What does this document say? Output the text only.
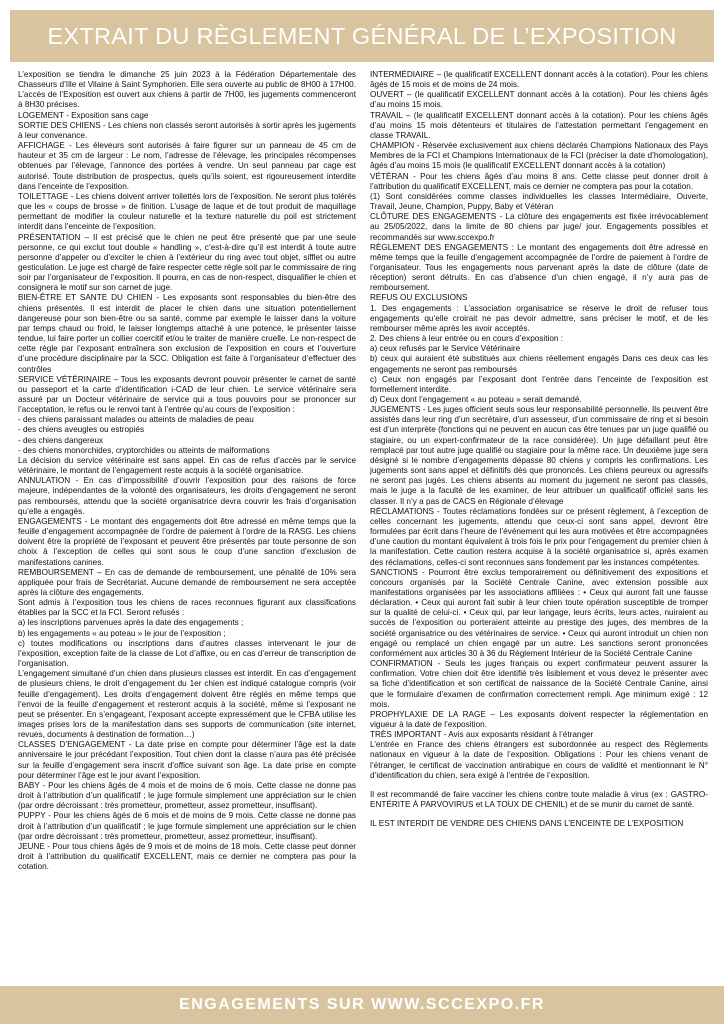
EXTRAIT DU RÈGLEMENT GÉNÉRAL DE L’EXPOSITION

L’exposition se tiendra le dimanche 25 juin 2023 à la Fédération Départementale des Chasseurs d’Ille et Vilaine à Saint Symphorien. Elle sera ouverte au public de 8H00 à 17H00. L’accès de l’Exposition est ouvert aux chiens à partir de 7H00, les jugements commenceront à 8H30 précises.

LOGEMENT - Exposition sans cage

SORTIE DES CHIENS - Les chiens non classés seront autorisés à sortir après les jugements à leur convenance.

AFFICHAGE - Les éleveurs sont autorisés à faire figurer sur un panneau de 45 cm de hauteur et 35 cm de largeur : Le nom, l’adresse de l’élevage, les principales récompenses obtenues par l’élevage, l’annonce des portées à vendre. Un seul panneau par cage est autorisé. Toute distribution de prospectus, quels qu’ils soient, est rigoureusement interdite dans l’enceinte de l’exposition.

TOILETTAGE - Les chiens doivent arriver toilettés lors de l’exposition. Ne seront plus tolérés que les « coups de brosse » de finition. L’usage de laque et de tout produit de maquillage permettant de modifier la couleur naturelle et la texture naturelle du poil est strictement interdit dans l’enceinte de l’exposition.

PRÉSENTATION – Il est précisé que le chien ne peut être présenté que par une seule personne, ce qui exclut tout double « handling », c’est-à-dire qu’il est interdit à toute autre personne d’appeler ou d’exciter le chien à l’extérieur du ring avec tout objet, sifflet ou autre gesticulation. Le juge est chargé de faire respecter cette règle soit par le commissaire de ring soir par l’organisateur de l’exposition. Il pourra, en cas de non-respect, disqualifier le chien et consignera le motif sur son carnet de juge.

BIEN-ÊTRE ET SANTE DU CHIEN - Les exposants sont responsables du bien-être des chiens présentés. Il est interdit de placer le chien dans une situation potentiellement dangereuse pour son bien-être ou sa santé, comme par exemple le laisser dans la voiture par temps chaud ou froid, le laisser longtemps attaché à une potence, le présenter laisse tendue, lui faire porter un collier coercitif et/ou le traiter de manière cruelle. Le non-respect de cette règle par l’exposant entraînera son exclusion de l’exposition en cours et l’ouverture d’une procédure disciplinaire par la SCC. Obligation est faite à l’organisateur d’effectuer des contrôles

SERVICE VÉTÉRINAIRE – Tous les exposants devront pouvoir présenter le carnet de santé ou passeport et la carte d’identification i-CAD de leur chien. Le service vétérinaire sera assuré par un Docteur vétérinaire de service qui a tous pouvoirs pour se prononcer sur l’acceptation, le refus ou le renvoi tant à l’entrée qu’au cours de l’exposition :

- des chiens paraissant malades ou atteints de maladies de peau

- des chiens aveugles ou estropiés

- des chiens dangereux

- des chiens monorchides, cryptorchides ou atteints de malformations

La décision du service vétérinaire est sans appel. En cas de refus d’accès par le service vétérinaire, le montant de l’engagement reste acquis à la société organisatrice.

ANNULATION - En cas d’impossibilité d’ouvrir l’exposition pour des raisons de force majeure, indépendantes de la volonté des organisateurs, les droits d’engagement ne seront pas remboursés, attendu que la société organisatrice devra couvrir les frais d’organisation qu’elle a engagés.

ENGAGEMENTS - Le montant des engagements doit être adressé en même temps que la feuille d’engagement accompagnée de l’ordre de paiement à l’ordre de la RASG. Les chiens doivent être la propriété de l’exposant et peuvent être présentés par toute personne de son choix à l’exception de celles qui sont sous le coup d’une sanction d’exclusion de manifestations canines.

REMBOURSEMENT – En cas de demande de remboursement, une pénalité de 10% sera appliquée pour frais de Secrétariat. Aucune demande de remboursement ne sera acceptée après la clôture des engagements.

Sont admis à l’exposition tous les chiens de races reconnues figurant aux classifications établies par la SCC et la FCI. Seront refusés :

a) les inscriptions parvenues après la date des engagements ;

b) les engagements « au poteau » le jour de l’exposition ;

c) toutes modifications ou inscriptions dans d’autres classes intervenant le jour de l’exposition, exception faite de la classe de Lot d’affixe, ou en cas d’erreur de transcription de l’organisation.

L’engagement simultané d’un chien dans plusieurs classes est interdit. En cas d’engagement de plusieurs chiens, le droit d’engagement du 1er chien est indiqué catalogue compris (voir feuille d’engagement). Les droits d’engagement doivent être réglés en même temps que l’envoi de la feuille d’engagement et resteront acquis à la société, même si l’exposant ne peut se présenter. En s’engageant, l’exposant accepte expressément que le CFBA utilise les images prises lors de la manifestation dans ses supports de communication (site internet, revues, documents à destination de formation…)

CLASSES D’ENGAGEMENT - La date prise en compte pour déterminer l’âge est la date anniversaire le jour précédant l’exposition. Tout chien dont la classe n’aura pas été précisée sur la feuille d’engagement sera inscrit d’office suivant son âge. La date prise en compte pour déterminer l’âge est le jour avant l’exposition.

BABY - Pour les chiens âgés de 4 mois et de moins de 6 mois. Cette classe ne donne pas droit à l’attribution d’un qualificatif ; le juge formule simplement une appréciation sur le chien (par ordre décroissant : très prometteur, prometteur, assez prometteur, insuffisant).

PUPPY - Pour les chiens âgés de 6 mois et de moins de 9 mois. Cette classe ne donne pas droit à l’attribution d’un qualificatif ; le juge formule simplement une appréciation sur le chien (par ordre décroissant : très prometteur, prometteur, assez prometteur, insuffisant).

JEUNE - Pour tous chiens âgés de 9 mois et de moins de 18 mois. Cette classe peut donner droit à l’attribution du qualificatif EXCELLENT, mais ce dernier ne comptera pas pour la cotation.

INTERMÉDIAIRE – (le qualificatif EXCELLENT donnant accès à la cotation). Pour les chiens âgés de 15 mois et de moins de 24 mois.

OUVERT – (le qualificatif EXCELLENT donnant accès à la cotation). Pour les chiens âgés d’au moins 15 mois.

TRAVAIL – (le qualificatif EXCELLENT donnant accès à la cotation). Pour les chiens âgés d’au moins 15 mois détenteurs et titulaires de l’attestation permettant l’engagement en classe TRAVAIL.

CHAMPION - Réservée exclusivement aux chiens déclarés Champions Nationaux des Pays Membres de la FCI et Champions Internationaux de la FCI (préciser la date d’homologation), âgés d’au moins 15 mois (le qualificatif EXCELLENT donnant accès à la cotation)

VÉTÉRAN - Pour les chiens âgés d’au moins 8 ans. Cette classe peut donner droit à l’attribution du qualificatif EXCELLENT, mais ce dernier ne comptera pas pour la cotation.

(1) Sont considérées comme classes individuelles les classes Intermédiaire, Ouverte, Travail, Jeune, Champion, Puppy, Baby et Vétéran

CLÔTURE DES ENGAGEMENTS - La clôture des engagements est fixée irrévocablement au 25/05/2022, dans la limite de 80 chiens par juge/ jour. Engagements possibles et recommandés sur www.sccexpo.fr

RÈGLEMENT DES ENGAGEMENTS : Le montant des engagements doit être adressé en même temps que la feuille d’engagement accompagnée de l’ordre de paiement à l’ordre de l’organisateur. Tous les engagements nous parvenant après la date de clôture (date de réception) seront détruits. En cas d’absence d’un chien engagé, il n’y aura pas de remboursement.

REFUS OU EXCLUSIONS

1. Des engagements : L’association organisatrice se réserve le droit de refuser tous engagements qu’elle croirait ne pas devoir admettre, sans préciser le motif, et de les rembourser même après les avoir acceptés.

2. Des chiens à leur entrée ou en cours d’exposition :

a) ceux refusés par le Service Vétérinaire

b) ceux qui auraient été substitués aux chiens réellement engagés Dans ces deux cas les engagements ne seront pas remboursés

c) Ceux non engagés par l’exposant dont l’entrée dans l’enceinte de l’exposition est formellement interdite.

d) Ceux dont l’engagement « au poteau » serait demandé.

JUGEMENTS - Les juges officient seuls sous leur responsabilité personnelle. Ils peuvent être assistés dans leur ring d’un secrétaire, d’un assesseur, d’un commissaire de ring et si besoin est d’un interprète (fonctions qui ne peuvent en aucun cas être tenues par un juge qualifié ou stagiaire, ou un expert-confirmateur de la race considérée). Un juge défaillant peut être remplacé par tout autre juge qualifié ou stagiaire pour la même race. Un deuxième juge sera désigné si le nombre d’engagements dépasse 80 chiens y compris les confirmations. Les jugements sont sans appel et définitifs dès que prononcés. Les chiens peureux ou agressifs ne seront pas jugés. Les chiens absents au moment du jugement ne seront pas classés, mais le juge a la faculté de les examiner, de leur attribuer un qualificatif officiel sans les classer. Il n’y a pas de CACS en Régionale d’élevage

RÉCLAMATIONS - Toutes réclamations fondées sur ce présent règlement, à l’exception de celles concernant les jugements, attendu que ceux-ci sont sans appel, devront être formulées par écrit dans l’heure de l’événement qui les aura motivées et être accompagnées d’une caution du montant équivalent à trois fois le prix pour l’engagement du premier chien à la manifestation. Cette caution restera acquise à la société organisatrice si, après examen des réclamations, celles-ci sont reconnues sans fondement par les instances compétentes.

SANCTIONS - Pourront être exclus temporairement ou définitivement des expositions et concours organisés par la Société Centrale Canine, avec extension possible aux manifestations organisées par les associations affiliées : • Ceux qui auront fait une fausse déclaration. • Ceux qui auront fait subir à leur chien toute opération susceptible de tromper sur la qualité de celui-ci. • Ceux qui, par leur langage, leurs écrits, leurs actes, nuiraient au succès de l’exposition ou porteraient atteinte au prestige des juges, des membres de la société organisatrice ou des vétérinaires de service. • Ceux qui auront introduit un chien non engagé ou remplacé un chien engagé par un autre. Les sanctions seront prononcées conformément aux articles 30 à 36 du Règlement Intérieur de la Société Centrale Canine

CONFIRMATION - Seuls les juges français ou expert confirmateur peuvent assurer la confirmation. Votre chien doit être identifié très lisiblement et vous devez le présenter avec sa fiche d’identification et son certificat de naissance de la Société Centrale Canine, ainsi que le formulaire d’examen de confirmation correctement rempli. Age minimum exigé : 12 mois.

PROPHYLAXIE DE LA RAGE – Les exposants doivent respecter la réglementation en vigueur à la date de l’exposition.

TRÈS IMPORTANT - Avis aux exposants résidant à l’étranger

L’entrée en France des chiens étrangers est subordonnée au respect des Règlements nationaux en vigueur à la date de l’exposition. Obligations : Pour les chiens venant de l’étranger, le certificat de vaccination antirabique en cours de validité et mentionnant le N° d’identification du chien, sera exigé à l’entrée de l’exposition.

Il est recommandé de faire vacciner les chiens contre toute maladie à virus (ex : GASTRO-ENTÉRITE À PARVOVIRUS et LA TOUX DE CHENIL) et de se munir du carnet de santé.

IL EST INTERDIT DE VENDRE DES CHIENS DANS L’ENCEINTE DE L’EXPOSITION

ENGAGEMENTS SUR WWW.SCCEXPO.FR
